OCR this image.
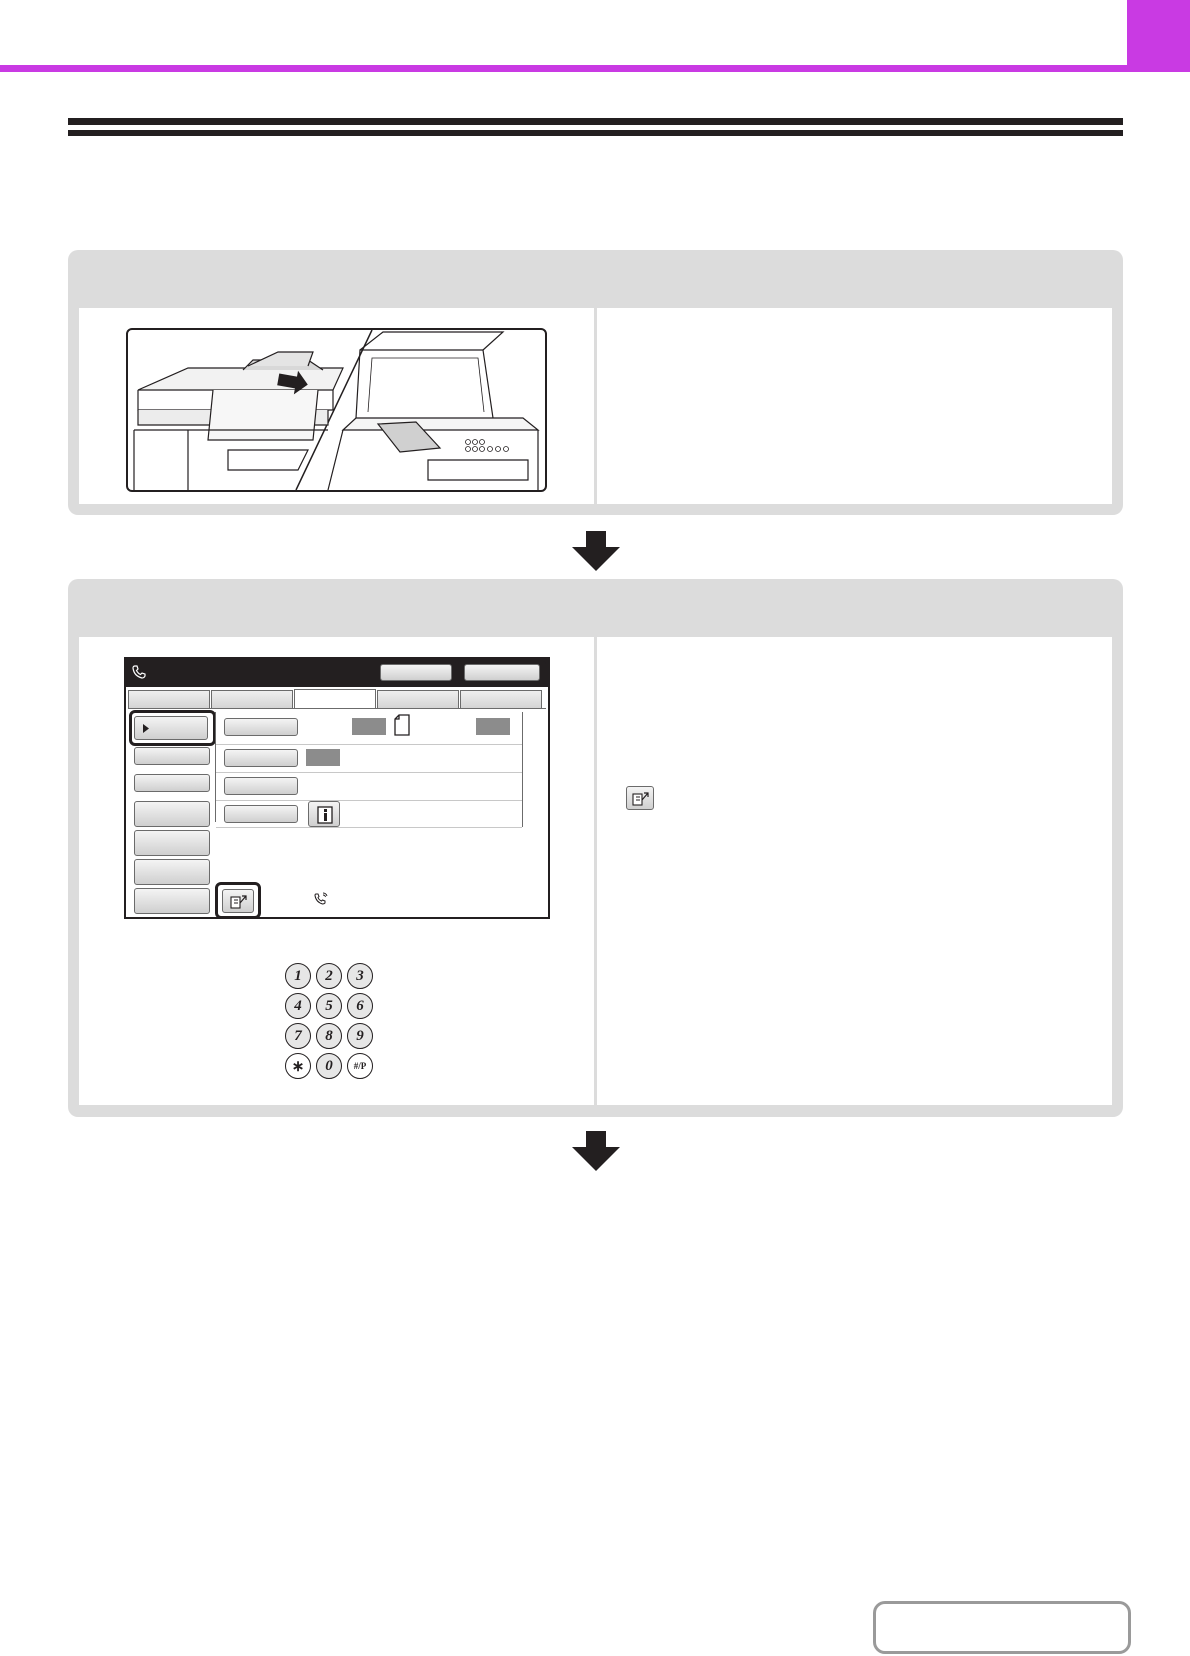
1	2	3
4	5	6
7	8	9
∗	0	#/P
